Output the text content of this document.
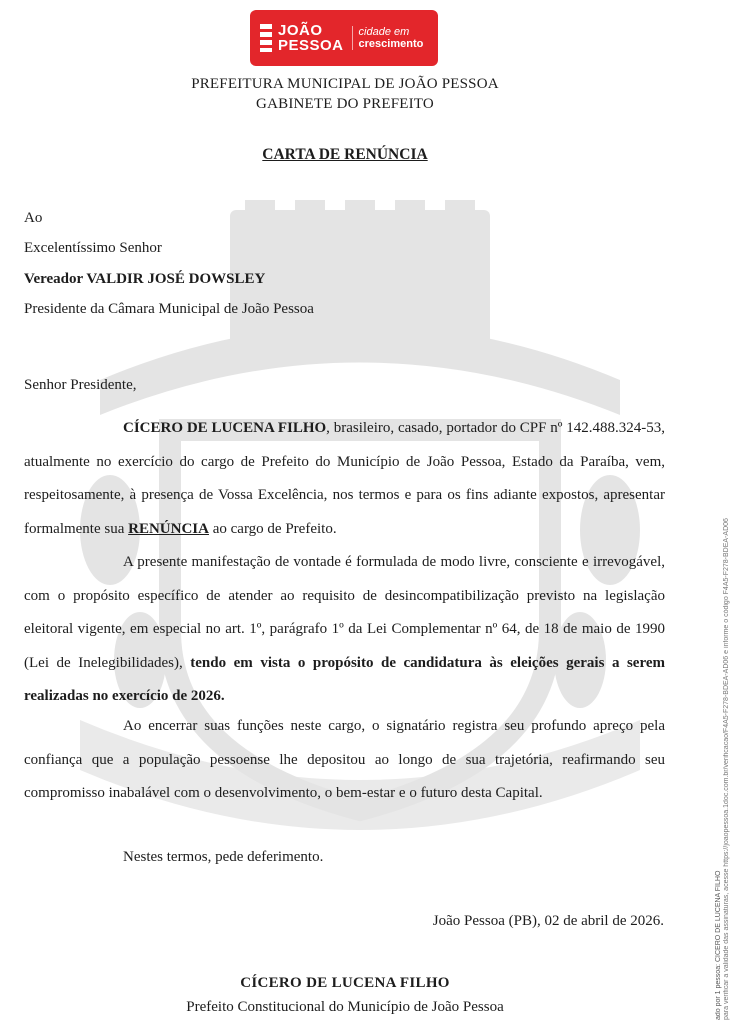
JOÃO
PESSOA
cidade em
crescimento
PREFEITURA MUNICIPAL DE JOÃO PESSOA
GABINETE DO PREFEITO
CARTA DE RENÚNCIA
Ao
Excelentíssimo Senhor
Vereador VALDIR JOSÉ DOWSLEY
Presidente da Câmara Municipal de João Pessoa
Senhor Presidente,

CÍCERO DE LUCENA FILHO, brasileiro, casado, portador do CPF nº 142.488.324-53, atualmente no exercício do cargo de Prefeito do Município de João Pessoa, Estado da Paraíba, vem, respeitosamente, à presença de Vossa Excelência, nos termos e para os fins adiante expostos, apresentar formalmente sua RENÚNCIA ao cargo de Prefeito.

A presente manifestação de vontade é formulada de modo livre, consciente e irrevogável, com o propósito específico de atender ao requisito de desincompatibilização previsto na legislação eleitoral vigente, em especial no art. 1º, parágrafo 1º da Lei Complementar nº 64, de 18 de maio de 1990 (Lei de Inelegibilidades), tendo em vista o propósito de candidatura às eleições gerais a serem realizadas no exercício de 2026.

Ao encerrar suas funções neste cargo, o signatário registra seu profundo apreço pela confiança que a população pessoense lhe depositou ao longo de sua trajetória, reafirmando seu compromisso inabalável com o desenvolvimento, o bem-estar e o futuro desta Capital.

Nestes termos, pede deferimento.

João Pessoa (PB), 02 de abril de 2026.
CÍCERO DE LUCENA FILHO
Prefeito Constitucional do Município de João Pessoa	ado por 1 pessoa: CÍCERO DE LUCENA FILHO para verificar a validade das assinaturas, acesse https://joaopessoa.1doc.com.br/verificacao/F4A5-F278-BDEA-AD06 e informe o código F4A5-F278-BDEA-AD06
